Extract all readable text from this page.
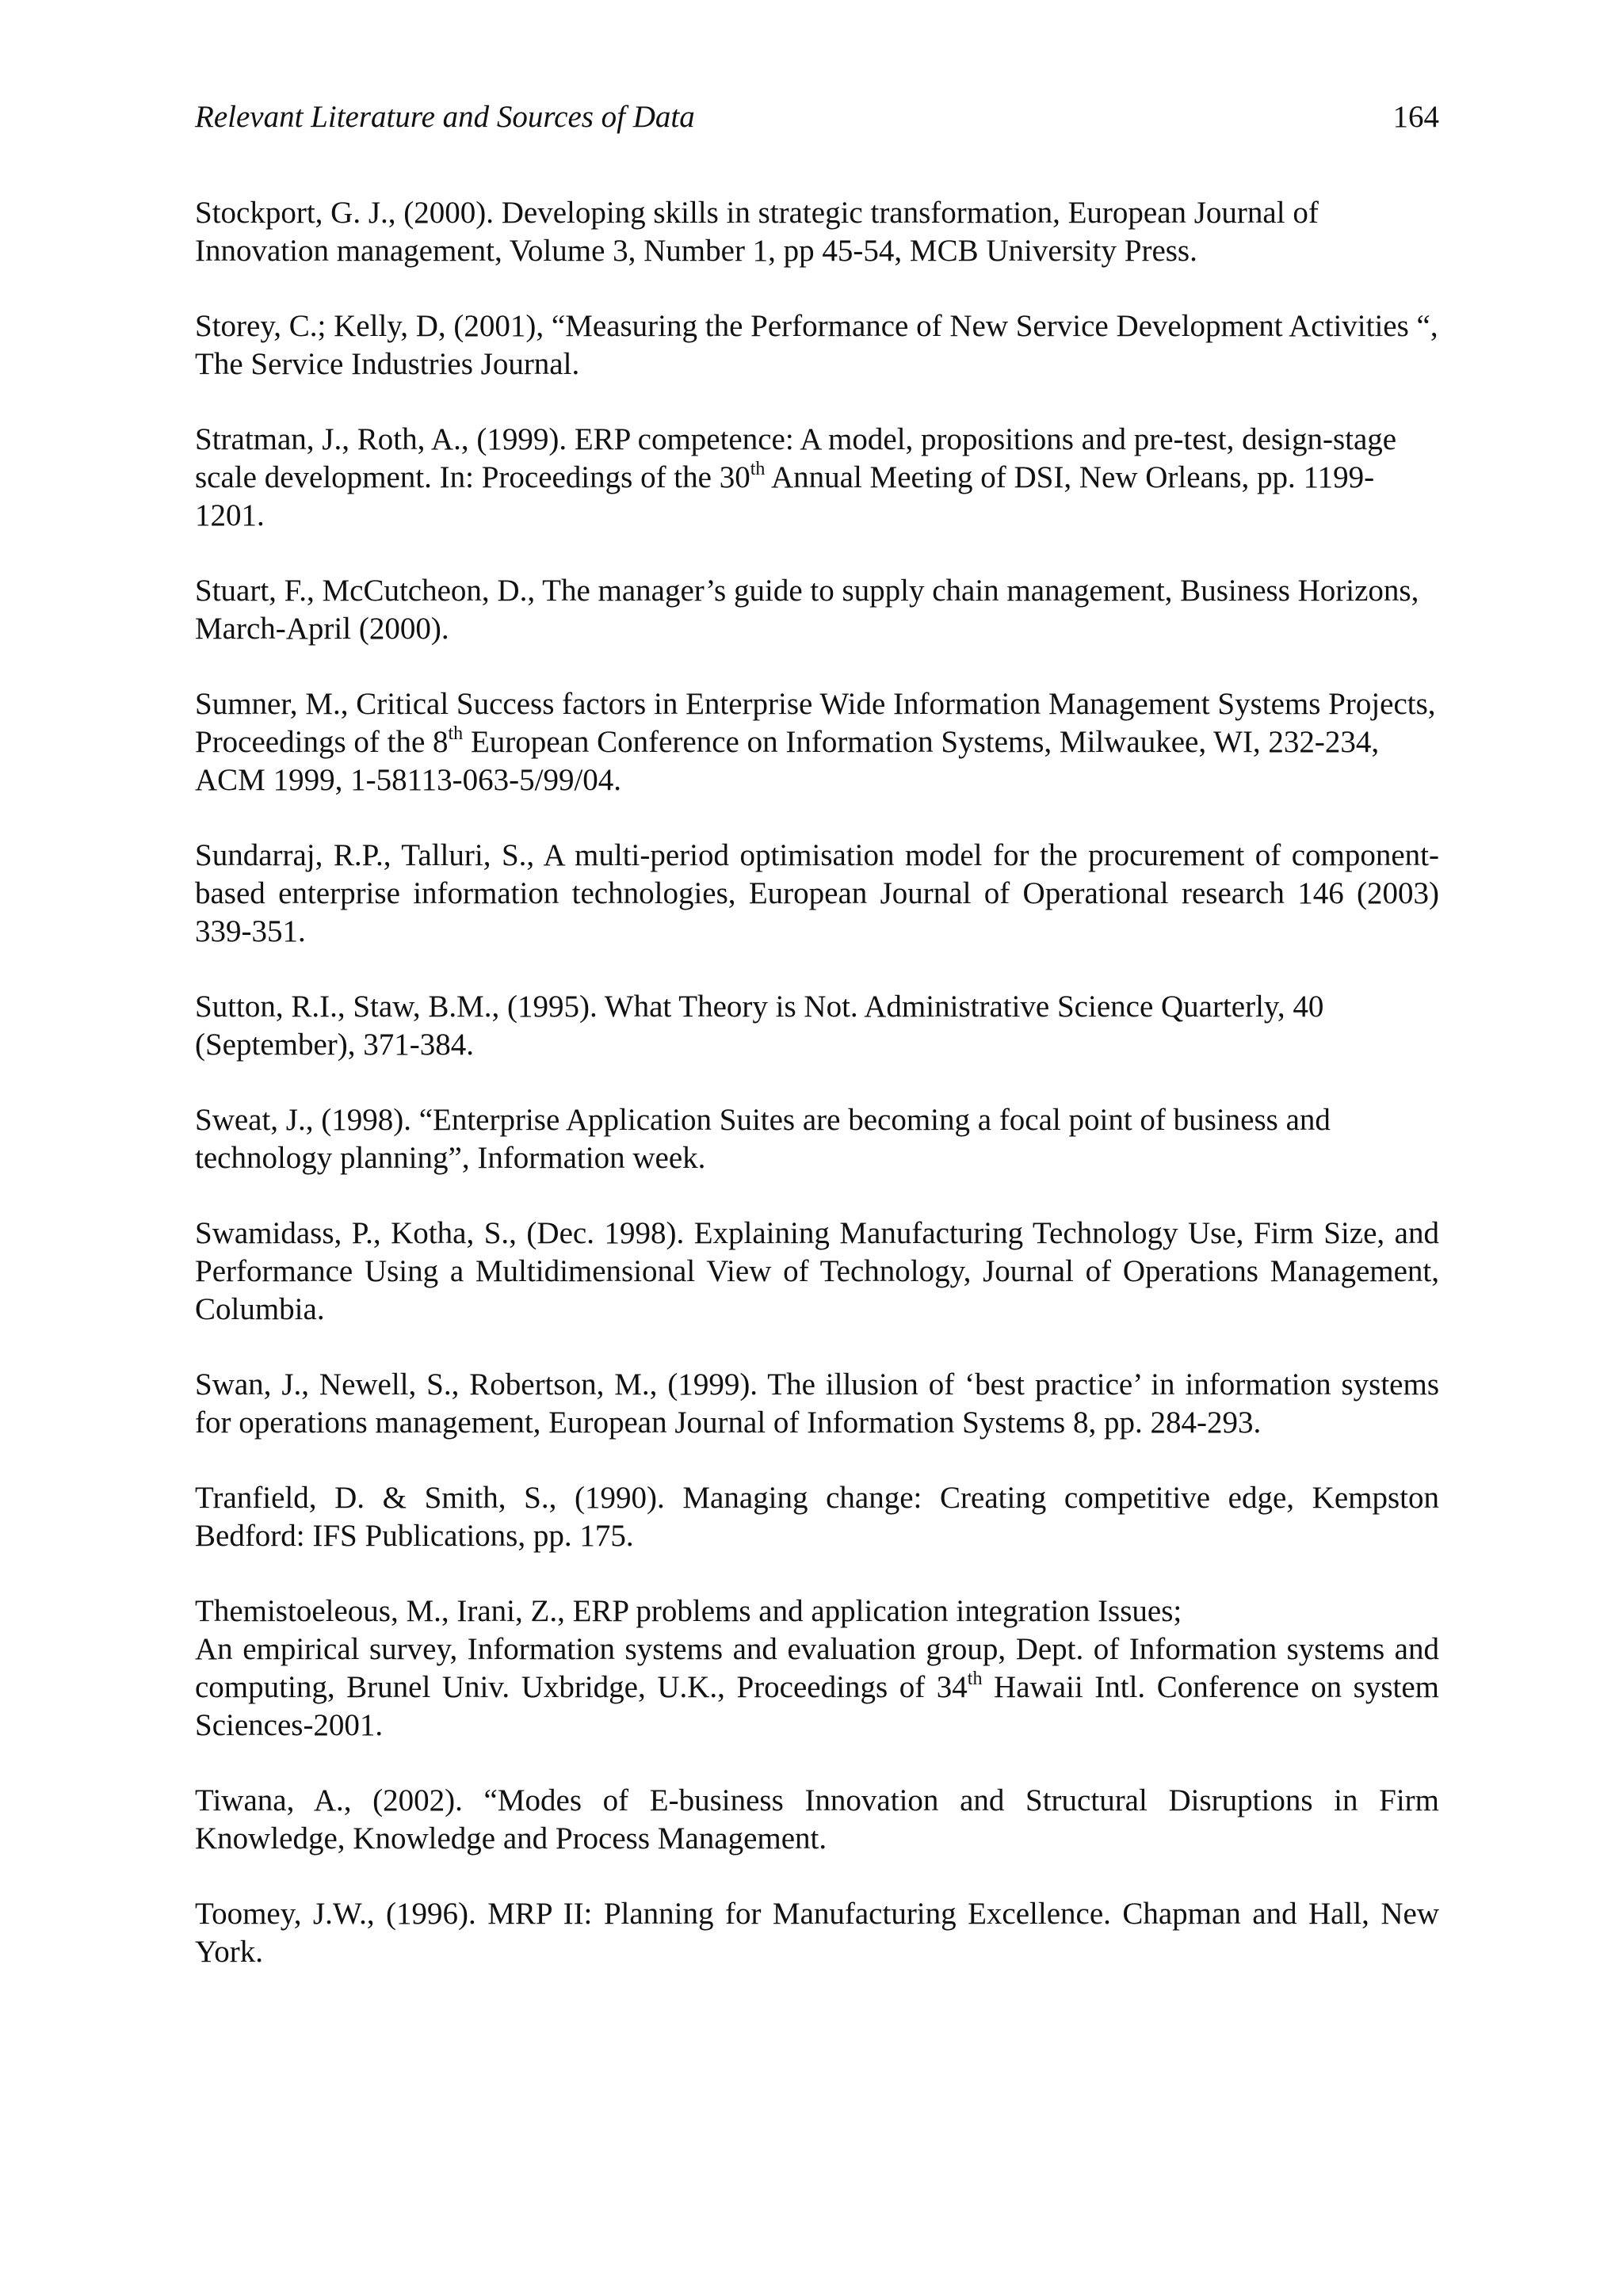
Relevant Literature and Sources of Data	164

Stockport, G. J., (2000). Developing skills in strategic transformation, European Journal of Innovation management, Volume 3, Number 1, pp 45-54, MCB University Press.

Storey, C.; Kelly, D, (2001), “Measuring the Performance of New Service Development Activities “, The Service Industries Journal.

Stratman, J., Roth, A., (1999). ERP competence: A model, propositions and pre-test, design-stage scale development. In: Proceedings of the 30th Annual Meeting of DSI, New Orleans, pp. 1199-1201.

Stuart, F., McCutcheon, D., The manager’s guide to supply chain management, Business Horizons, March-April (2000).

Sumner, M., Critical Success factors in Enterprise Wide Information Management Systems Projects, Proceedings of the 8th European Conference on Information Systems, Milwaukee, WI, 232-234, ACM 1999, 1-58113-063-5/99/04.

Sundarraj, R.P., Talluri, S., A multi-period optimisation model for the procurement of component-based enterprise information technologies, European Journal of Operational research 146 (2003) 339-351.

Sutton, R.I., Staw, B.M., (1995). What Theory is Not. Administrative Science Quarterly, 40 (September), 371-384.

Sweat, J., (1998). “Enterprise Application Suites are becoming a focal point of business and technology planning”, Information week.

Swamidass, P., Kotha, S., (Dec. 1998). Explaining Manufacturing Technology Use, Firm Size, and Performance Using a Multidimensional View of Technology, Journal of Operations Management, Columbia.

Swan, J., Newell, S., Robertson, M., (1999). The illusion of ‘best practice’ in information systems for operations management, European Journal of Information Systems 8, pp. 284-293.

Tranfield, D. & Smith, S., (1990). Managing change: Creating competitive edge, Kempston Bedford: IFS Publications, pp. 175.

Themistoeleous, M., Irani, Z., ERP problems and application integration Issues;
An empirical survey, Information systems and evaluation group, Dept. of Information systems and computing, Brunel Univ. Uxbridge, U.K., Proceedings of 34th Hawaii Intl. Conference on system Sciences-2001.

Tiwana, A., (2002). “Modes of E-business Innovation and Structural Disruptions in Firm Knowledge, Knowledge and Process Management.

Toomey, J.W., (1996). MRP II: Planning for Manufacturing Excellence. Chapman and Hall, New York.
